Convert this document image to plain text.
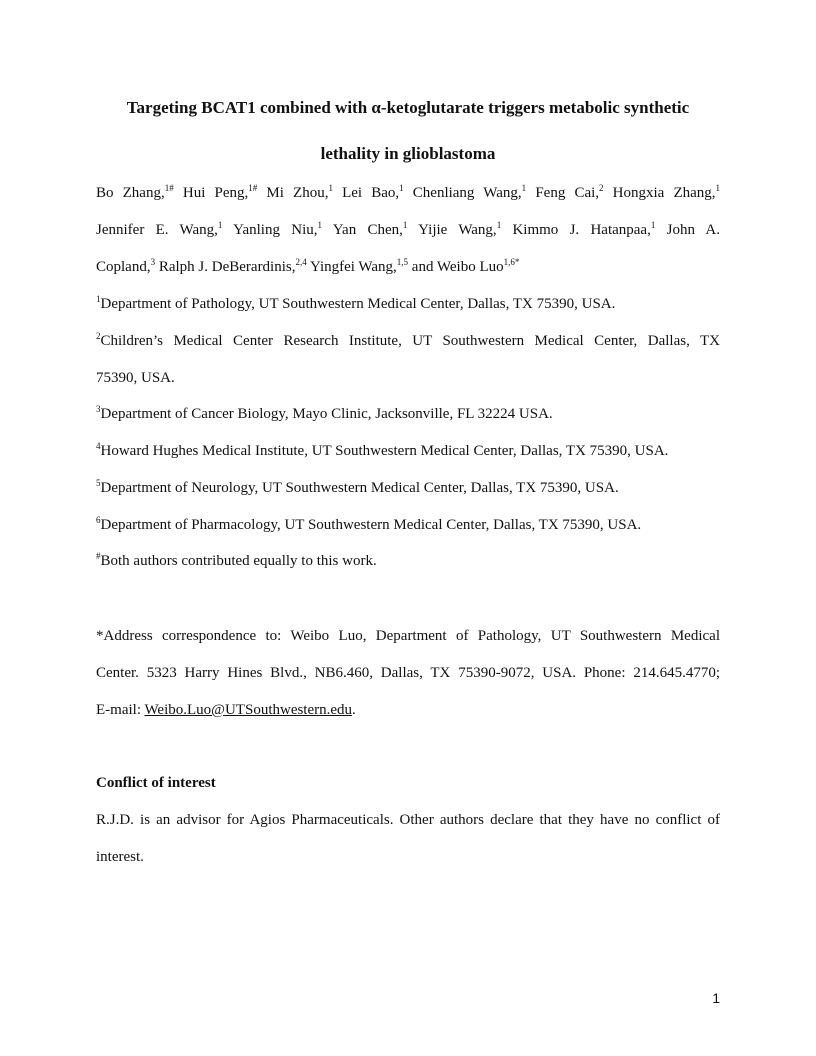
Targeting BCAT1 combined with α-ketoglutarate triggers metabolic synthetic

lethality in glioblastoma

Bo Zhang,$^{1\#}$ Hui Peng,$^{1\#}$ Mi Zhou,$^1$ Lei Bao,$^1$ Chenliang Wang,$^1$ Feng Cai,$^2$ Hongxia Zhang,$^1$
Jennifer E. Wang,$^1$ Yanling Niu,$^1$ Yan Chen,$^1$ Yijie Wang,$^1$ Kimmo J. Hatanpaa,$^1$ John A.
Copland,$^3$ Ralph J. DeBerardinis,$^{2,4}$ Yingfei Wang,$^{1,5}$ and Weibo Luo$^{1,6*}$
$^1$Department of Pathology, UT Southwestern Medical Center, Dallas, TX 75390, USA.
$^2$Children’s Medical Center Research Institute, UT Southwestern Medical Center, Dallas, TX
75390, USA.
$^3$Department of Cancer Biology, Mayo Clinic, Jacksonville, FL 32224 USA.
$^4$Howard Hughes Medical Institute, UT Southwestern Medical Center, Dallas, TX 75390, USA.
$^5$Department of Neurology, UT Southwestern Medical Center, Dallas, TX 75390, USA.
$^6$Department of Pharmacology, UT Southwestern Medical Center, Dallas, TX 75390, USA.
#Both authors contributed equally to this work.
*Address correspondence to: Weibo Luo, Department of Pathology, UT Southwestern Medical
Center. 5323 Harry Hines Blvd., NB6.460, Dallas, TX 75390-9072, USA. Phone: 214.645.4770;
E-mail: Weibo.Luo@UTSouthwestern.edu.
Conflict of interest
R.J.D. is an advisor for Agios Pharmaceuticals. Other authors declare that they have no conflict of
interest.
1
